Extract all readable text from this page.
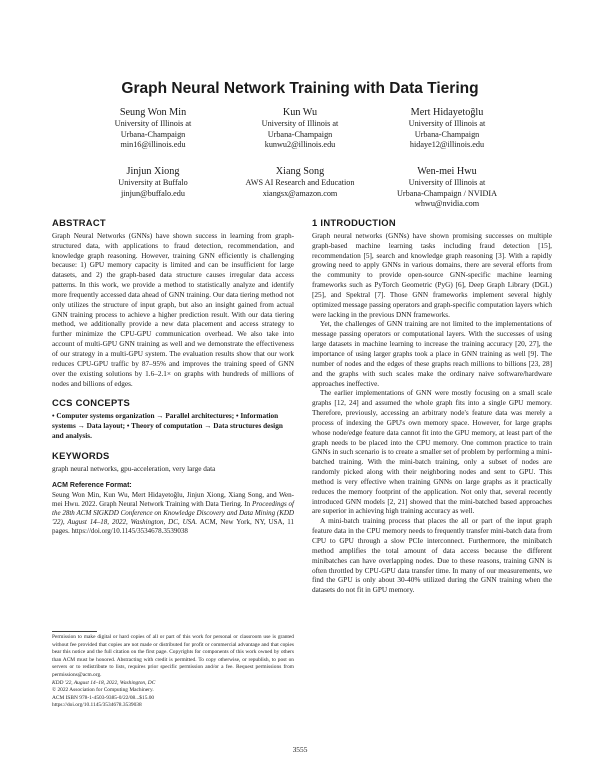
Graph Neural Network Training with Data Tiering
Seung Won Min
University of Illinois at
Urbana-Champaign
min16@illinois.edu
Kun Wu
University of Illinois at
Urbana-Champaign
kunwu2@illinois.edu
Mert Hidayetoğlu
University of Illinois at
Urbana-Champaign
hidaye12@illinois.edu
Jinjun Xiong
University at Buffalo
jinjun@buffalo.edu
Xiang Song
AWS AI Research and Education
xiangsx@amazon.com
Wen-mei Hwu
University of Illinois at
Urbana-Champaign / NVIDIA
whwu@nvidia.com
ABSTRACT

Graph Neural Networks (GNNs) have shown success in learning from graph-structured data, with applications to fraud detection, recommendation, and knowledge graph reasoning. However, training GNN efficiently is challenging because: 1) GPU memory capacity is limited and can be insufficient for large datasets, and 2) the graph-based data structure causes irregular data access patterns. In this work, we provide a method to statistically analyze and identify more frequently accessed data ahead of GNN training. Our data tiering method not only utilizes the structure of input graph, but also an insight gained from actual GNN training process to achieve a higher prediction result. With our data tiering method, we additionally provide a new data placement and access strategy to further minimize the CPU-GPU communication overhead. We also take into account of multi-GPU GNN training as well and we demonstrate the effectiveness of our strategy in a multi-GPU system. The evaluation results show that our work reduces CPU-GPU traffic by 87–95% and improves the training speed of GNN over the existing solutions by 1.6–2.1× on graphs with hundreds of millions of nodes and billions of edges.

CCS CONCEPTS

• Computer systems organization → Parallel architectures; • Information systems → Data layout; • Theory of computation → Data structures design and analysis.

KEYWORDS

graph neural networks, gpu-acceleration, very large data

ACM Reference Format:
Seung Won Min, Kun Wu, Mert Hidayetoğlu, Jinjun Xiong, Xiang Song, and Wen-mei Hwu. 2022. Graph Neural Network Training with Data Tiering. In Proceedings of the 28th ACM SIGKDD Conference on Knowledge Discovery and Data Mining (KDD '22), August 14–18, 2022, Washington, DC, USA. ACM, New York, NY, USA, 11 pages. https://doi.org/10.1145/3534678.3539038

Permission to make digital or hard copies of all or part of this work for personal or classroom use is granted without fee provided that copies are not made or distributed for profit or commercial advantage and that copies bear this notice and the full citation on the first page. Copyrights for components of this work owned by others than ACM must be honored. Abstracting with credit is permitted. To copy otherwise, or republish, to post on servers or to redistribute to lists, requires prior specific permission and/or a fee. Request permissions from permissions@acm.org.

KDD '22, August 14–18, 2022, Washington, DC

© 2022 Association for Computing Machinery.

ACM ISBN 978-1-4503-9385-0/22/08...$15.00

https://doi.org/10.1145/3534678.3539038

1 INTRODUCTION

Graph neural networks (GNNs) have shown promising successes on multiple graph-based machine learning tasks including fraud detection [15], recommendation [5], search and knowledge graph reasoning [3]. With a rapidly growing need to apply GNNs in various domains, there are several efforts from the community to provide open-source GNN-specific machine learning frameworks such as PyTorch Geometric (PyG) [6], Deep Graph Library (DGL) [25], and Spektral [7]. Those GNN frameworks implement several highly optimized message passing operators and graph-specific computation layers which were lacking in the previous DNN frameworks.

Yet, the challenges of GNN training are not limited to the implementations of message passing operators or computational layers. With the successes of using large datasets in machine learning to increase the training accuracy [20, 27], the importance of using larger graphs took a place in GNN training as well [9]. The number of nodes and the edges of these graphs reach millions to billions [23, 28] and the graphs with such scales make the ordinary naive software/hardware approaches ineffective.

The earlier implementations of GNN were mostly focusing on a small scale graphs [12, 24] and assumed the whole graph fits into a single GPU memory. Therefore, previously, accessing an arbitrary node's feature data was merely a process of indexing the GPU's own memory space. However, for large graphs whose node/edge feature data cannot fit into the GPU memory, at least part of the graph needs to be placed into the CPU memory. One common practice to train GNNs in such scenario is to create a smaller set of problem by performing a mini-batched training. With the mini-batch training, only a subset of nodes are randomly picked along with their neighboring nodes and sent to GPU. This method is very effective when training GNNs on large graphs as it practically reduces the memory footprint of the application. Not only that, several recently introduced GNN models [2, 21] showed that the mini-batched based approaches are superior in achieving high training accuracy as well.

A mini-batch training process that places the all or part of the input graph feature data in the CPU memory needs to frequently transfer mini-batch data from CPU to GPU through a slow PCIe interconnect. Furthermore, the minibatch method amplifies the total amount of data access because the different minibatches can have overlapping nodes. Due to these reasons, training GNN is often throttled by CPU-GPU data transfer time. In many of our measurements, we find the GPU is only about 30-40% utilized during the GNN training when the datasets do not fit in GPU memory.

3555
